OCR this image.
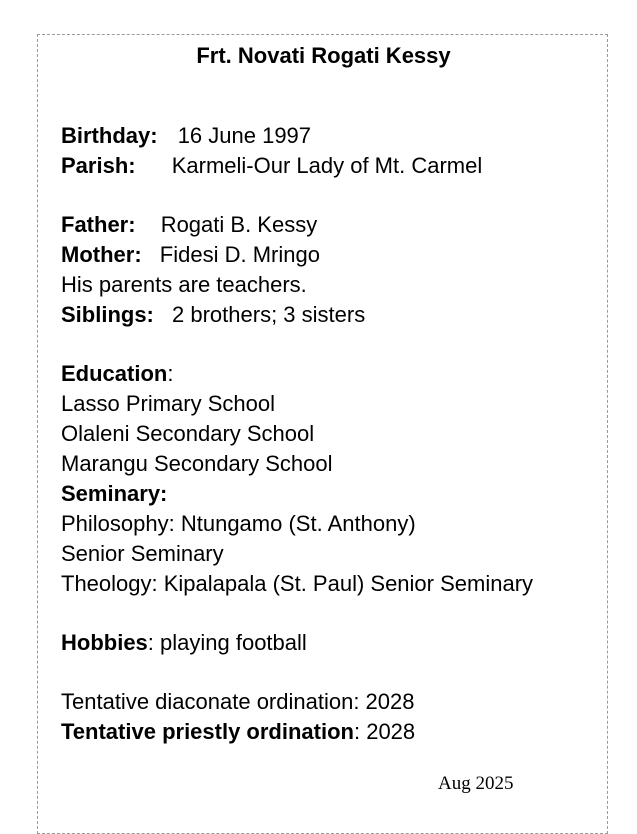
Frt. Novati Rogati Kessy
Birthday: 16 June 1997
Parish: Karmeli-Our Lady of Mt. Carmel
Father: Rogati B. Kessy
Mother: Fidesi D. Mringo
His parents are teachers.
Siblings: 2 brothers; 3 sisters
Education:
Lasso Primary School
Olaleni Secondary School
Marangu Secondary School
Seminary:
Philosophy: Ntungamo (St. Anthony)
Senior Seminary
Theology: Kipalapala (St. Paul) Senior Seminary
Hobbies: playing football
Tentative diaconate ordination: 2028
Tentative priestly ordination: 2028
Aug 2025
